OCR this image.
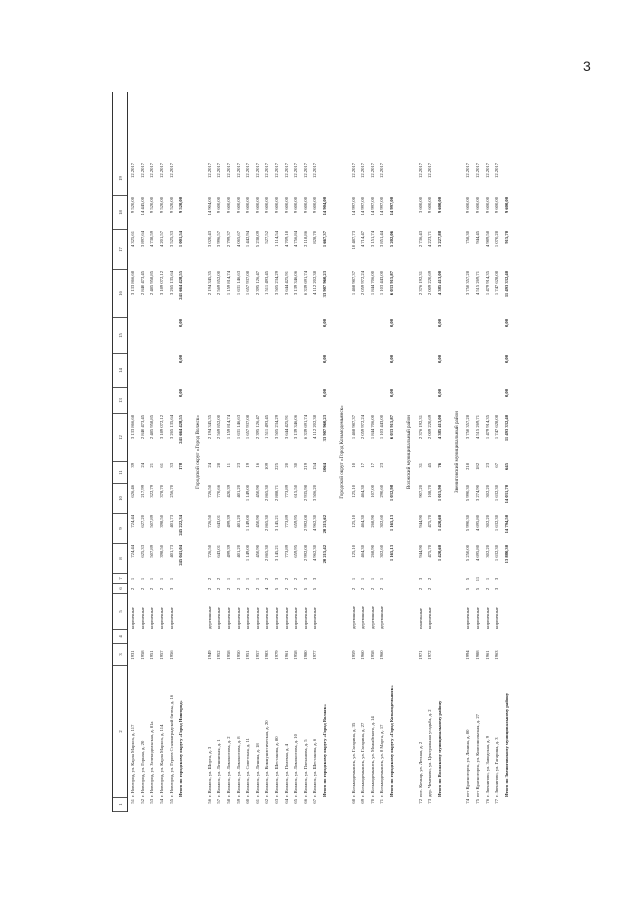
3
1
2
3
4
5
6
7
8
9
10
11
12
13
14
15
16
17
18
19
51
г. Новгород, ул. Карла Маркса, д. 117
1931
кирпичные
2
1
724,44
724,44
626,46
39
3 133 866,68
3 133 866,68
4 325,61
9 520,00
12.2017
52
г. Новгород, ул. Горная, д. 20
1958
кирпичные
2
1
625,33
627,20
217,99
24
2 840 473,45
2 840 473,45
3 897,64
14 445,00
12.2017
53
г. Новгород, ул. Зеленодольская, д. 81а
1951
кирпичные
2
1
507,89
507,89
322,79
21
2 485 958,85
2 485 958,85
4 738,59
9 520,00
12.2017
54
г. Новгород, ул. Карла Маркса, д. 114
1957
кирпичные
2
1
398,50
398,50
378,70
61
3 189 072,12
3 189 072,12
4 201,57
9 520,00
12.2017
55
г. Новгород, ул. Героев Сталинградской битвы, д. 16
1956
кирпичные
3
1
401,73
401,73
256,70
33
3 265 135,64
3 265 135,64
3 525,33
9 520,00
12.2017
Итого по городскому округу «Город Новгород»
245 041,04
245 222,34
178
241 664 428,55
0,00
0,00
0,00
241 664 428,55
1 001,54
9 520,00
Городской округ «Город Волжск»
56
г. Волжск, ул. Шорса, д. 3
1949
деревянные
2
2
726,50
726,50
726,50
24
2 194 345,35
2 194 345,35
3 020,43
14 904,00
12.2017
57
г. Волжск, ул. Ленинская, д. 1
1952
кирпичные
2
2
643,01
643,01
770,66
28
2 569 852,00
2 569 852,00
3 996,57
9 600,00
12.2017
58
г. Волжск, ул. Ломоносова, д. 2
1958
кирпичные
2
1
499,39
499,39
420,39
11
1 159 814,74
1 159 814,74
2 799,37
9 600,00
12.2017
59
г. Волжск, ул. Ломоносова, д. 8
1950
кирпичные
2
1
401,20
401,20
401,20
23
1 631 146,63
1 631 146,63
4 065,67
9 600,00
12.2017
60
г. Волжск, ул. Советская, д. 11
1951
кирпичные
2
1
1 149,00
1 149,00
1 149,00
19
1 657 937,08
1 657 937,08
1 442,94
9 600,00
12.2017
61
г. Волжск, ул. Ленина, д. 18
1957
кирпичные
2
1
450,90
450,90
450,90
16
2 395 126,47
2 395 126,47
5 238,09
9 600,00
12.2017
62
г. Волжск, ул. Коммунистическая, д. 20
1983
кирпичные
4
2
2 865,30
2 865,30
2 865,30
109
1 511 493,45
1 511 493,45
527,52
9 600,00
12.2017
63
г. Волжск, ул. Шестакова, д. 80
1979
кирпичные
5
3
3 145,21
3 145,21
2 888,71
225
3 505 234,29
3 505 234,29
1 114,54
9 600,00
12.2017
64
г. Волжск, ул. Полевая, д. 4
1961
кирпичные
2
2
773,89
773,89
773,89
20
3 644 425,91
3 644 425,91
4 709,18
9 600,00
12.2017
65
г. Волжск, ул. Ломоносова, д. 10
1958
кирпичные
2
2
659,95
659,95
615,50
30
3 139 346,06
3 139 346,06
4 756,84
9 600,00
12.2017
66
г. Волжск, ул. Плеханова, д. 5
1980
кирпичные
5
3
2 992,08
2 992,08
2 935,98
219
6 339 691,74
6 339 691,74
2 118,86
9 600,00
12.2017
67
г. Волжск, ул. Шестакова, д. 6
1977
кирпичные
5
3
4 962,30
4 962,30
3 506,20
154
4 112 202,38
4 112 202,38
828,70
9 600,00
12.2017
Итого по городскому округу «Город Волжск»
20 215,42
20 215,62
1064
33 907 960,23
0,00
0,00
0,00
33 907 960,23
1 667,37
14 904,00
Городской округ «Город Козьмодемьянск»
68
г. Козьмодемьянск, ул. Гагарина, д. 35
1959
деревянные
2
1
125,10
125,10
125,10
10
1 468 987,37
1 468 987,37
10 487,73
14 997,00
12.2017
69
г. Козьмодемьянск, ул. Гагарина, д. 27
1960
деревянные
2
1
464,30
464,30
464,30
17
2 059 972,24
2 059 972,24
4 714,47
14 997,00
12.2017
70
г. Козьмодемьянск, ул. Можайского, д. 14
1958
деревянные
2
1
268,90
268,90
107,00
17
1 844 706,00
1 844 706,00
3 151,74
14 997,00
12.2017
71
г. Козьмодемьянск, ул. 8 Марта, д. 17
1960
деревянные
2
1
302,60
302,60
290,60
23
1 103 443,00
1 103 443,00
3 851,44
14 997,00
12.2017
Итого по городскому округу «Город Козьмодемьянск»
1 165,13
1 165,13
1 032,98
6 033 915,87
0,00
0,00
0,00
6 033 915,87
5 202,06
14 997,00
Волжский муниципальный район
72
пос. Кочкар, ул. Лесная, д. 2
1971
панельные
2
3
944,90
944,90
907,20
31
2 376 192,31
2 376 192,31
2 736,43
3 600,00
12.2017
73
дер. Чемеково, ул. Центральная усадьба, д. 2
1972
кирпичные
2
2
475,70
475,70
108,70
45
2 009 220,69
2 009 220,69
4 223,71
9 600,00
12.2017
Итого по Волжскому муниципальному району
1 420,60
1 420,60
1 015,90
76
4 385 413,00
0,00
0,00
0,00
4 385 413,00
3 227,88
9 600,00
Звениговский муниципальный район
74
пгт Красногорск, ул. Ленина, д. 80
1994
кирпичные
5
5
5 250,00
5 990,30
5 990,30
218
3 750 357,28
3 750 357,28
758,30
9 600,00
12.2017
75
пгт Красногорск, ул. Комсомольская, д. 27
1988
кирпичные
5
11
4 695,80
4 695,80
3 274,90
182
4 515 269,71
4 515 269,71
944,45
9 600,00
12.2017
76
г. Звенигово, ул. Заводская, д. 9
1961
кирпичные
2
1
302,20
302,20
302,20
23
1 479 914,35
1 479 914,35
4 989,58
9 600,00
12.2017
77
г. Звенигово, ул. Гагарина, д. 3
1963
кирпичные
3
3
1 632,30
1 632,30
1 632,30
67
1 747 628,08
1 747 628,08
1 070,28
9 600,00
12.2017
Итого по Звениговскому муниципальному району
13 880,30
14 794,50
14 031,70
645
11 493 332,40
0,00
0,00
0,00
11 493 332,40
915,70
9 600,00
